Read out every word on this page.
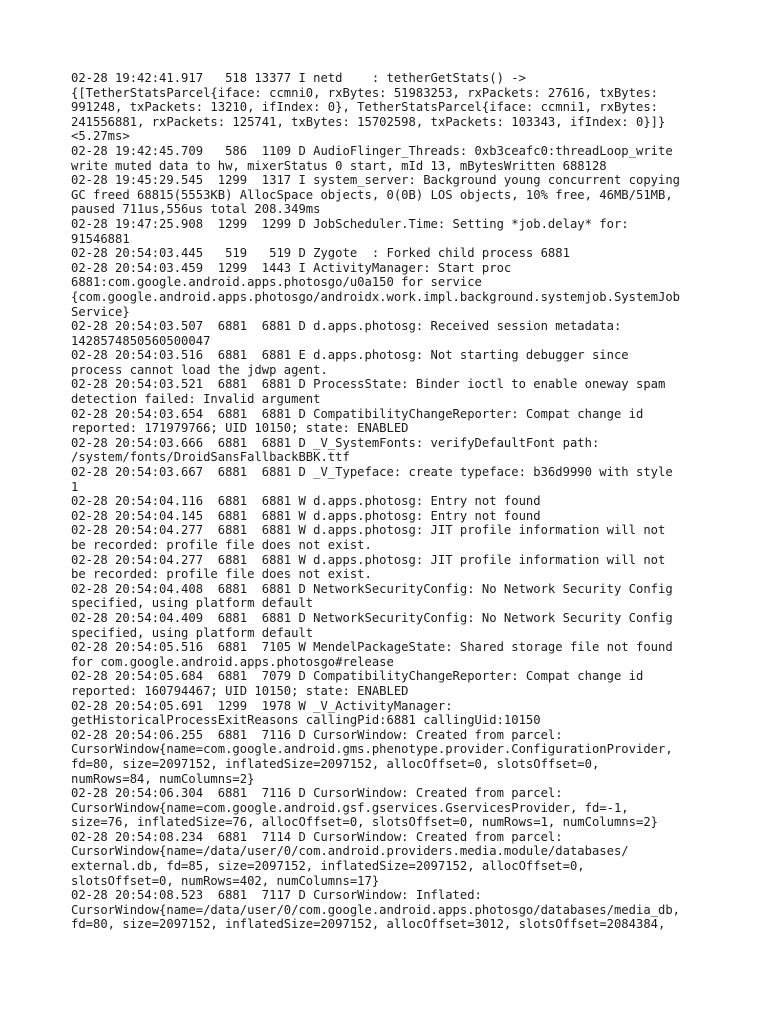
02-28 19:42:41.917   518 13377 I netd    : tetherGetStats() ->
{[TetherStatsParcel{iface: ccmni0, rxBytes: 51983253, rxPackets: 27616, txBytes:
991248, txPackets: 13210, ifIndex: 0}, TetherStatsParcel{iface: ccmni1, rxBytes:
241556881, rxPackets: 125741, txBytes: 15702598, txPackets: 103343, ifIndex: 0}]}
<5.27ms>
02-28 19:42:45.709   586  1109 D AudioFlinger_Threads: 0xb3ceafc0:threadLoop_write
write muted data to hw, mixerStatus 0 start, mId 13, mBytesWritten 688128
02-28 19:45:29.545  1299  1317 I system_server: Background young concurrent copying
GC freed 68815(5553KB) AllocSpace objects, 0(0B) LOS objects, 10% free, 46MB/51MB,
paused 711us,556us total 208.349ms
02-28 19:47:25.908  1299  1299 D JobScheduler.Time: Setting *job.delay* for:
91546881
02-28 20:54:03.445   519   519 D Zygote  : Forked child process 6881
02-28 20:54:03.459  1299  1443 I ActivityManager: Start proc
6881:com.google.android.apps.photosgo/u0a150 for service
{com.google.android.apps.photosgo/androidx.work.impl.background.systemjob.SystemJob
Service}
02-28 20:54:03.507  6881  6881 D d.apps.photosg: Received session metadata:
1428574850560500047
02-28 20:54:03.516  6881  6881 E d.apps.photosg: Not starting debugger since
process cannot load the jdwp agent.
02-28 20:54:03.521  6881  6881 D ProcessState: Binder ioctl to enable oneway spam
detection failed: Invalid argument
02-28 20:54:03.654  6881  6881 D CompatibilityChangeReporter: Compat change id
reported: 171979766; UID 10150; state: ENABLED
02-28 20:54:03.666  6881  6881 D _V_SystemFonts: verifyDefaultFont path:
/system/fonts/DroidSansFallbackBBK.ttf
02-28 20:54:03.667  6881  6881 D _V_Typeface: create typeface: b36d9990 with style
1
02-28 20:54:04.116  6881  6881 W d.apps.photosg: Entry not found
02-28 20:54:04.145  6881  6881 W d.apps.photosg: Entry not found
02-28 20:54:04.277  6881  6881 W d.apps.photosg: JIT profile information will not
be recorded: profile file does not exist.
02-28 20:54:04.277  6881  6881 W d.apps.photosg: JIT profile information will not
be recorded: profile file does not exist.
02-28 20:54:04.408  6881  6881 D NetworkSecurityConfig: No Network Security Config
specified, using platform default
02-28 20:54:04.409  6881  6881 D NetworkSecurityConfig: No Network Security Config
specified, using platform default
02-28 20:54:05.516  6881  7105 W MendelPackageState: Shared storage file not found
for com.google.android.apps.photosgo#release
02-28 20:54:05.684  6881  7079 D CompatibilityChangeReporter: Compat change id
reported: 160794467; UID 10150; state: ENABLED
02-28 20:54:05.691  1299  1978 W _V_ActivityManager:
getHistoricalProcessExitReasons callingPid:6881 callingUid:10150
02-28 20:54:06.255  6881  7116 D CursorWindow: Created from parcel:
CursorWindow{name=com.google.android.gms.phenotype.provider.ConfigurationProvider,
fd=80, size=2097152, inflatedSize=2097152, allocOffset=0, slotsOffset=0,
numRows=84, numColumns=2}
02-28 20:54:06.304  6881  7116 D CursorWindow: Created from parcel:
CursorWindow{name=com.google.android.gsf.gservices.GservicesProvider, fd=-1,
size=76, inflatedSize=76, allocOffset=0, slotsOffset=0, numRows=1, numColumns=2}
02-28 20:54:08.234  6881  7114 D CursorWindow: Created from parcel:
CursorWindow{name=/data/user/0/com.android.providers.media.module/databases/
external.db, fd=85, size=2097152, inflatedSize=2097152, allocOffset=0,
slotsOffset=0, numRows=402, numColumns=17}
02-28 20:54:08.523  6881  7117 D CursorWindow: Inflated:
CursorWindow{name=/data/user/0/com.google.android.apps.photosgo/databases/media_db,
fd=80, size=2097152, inflatedSize=2097152, allocOffset=3012, slotsOffset=2084384,
